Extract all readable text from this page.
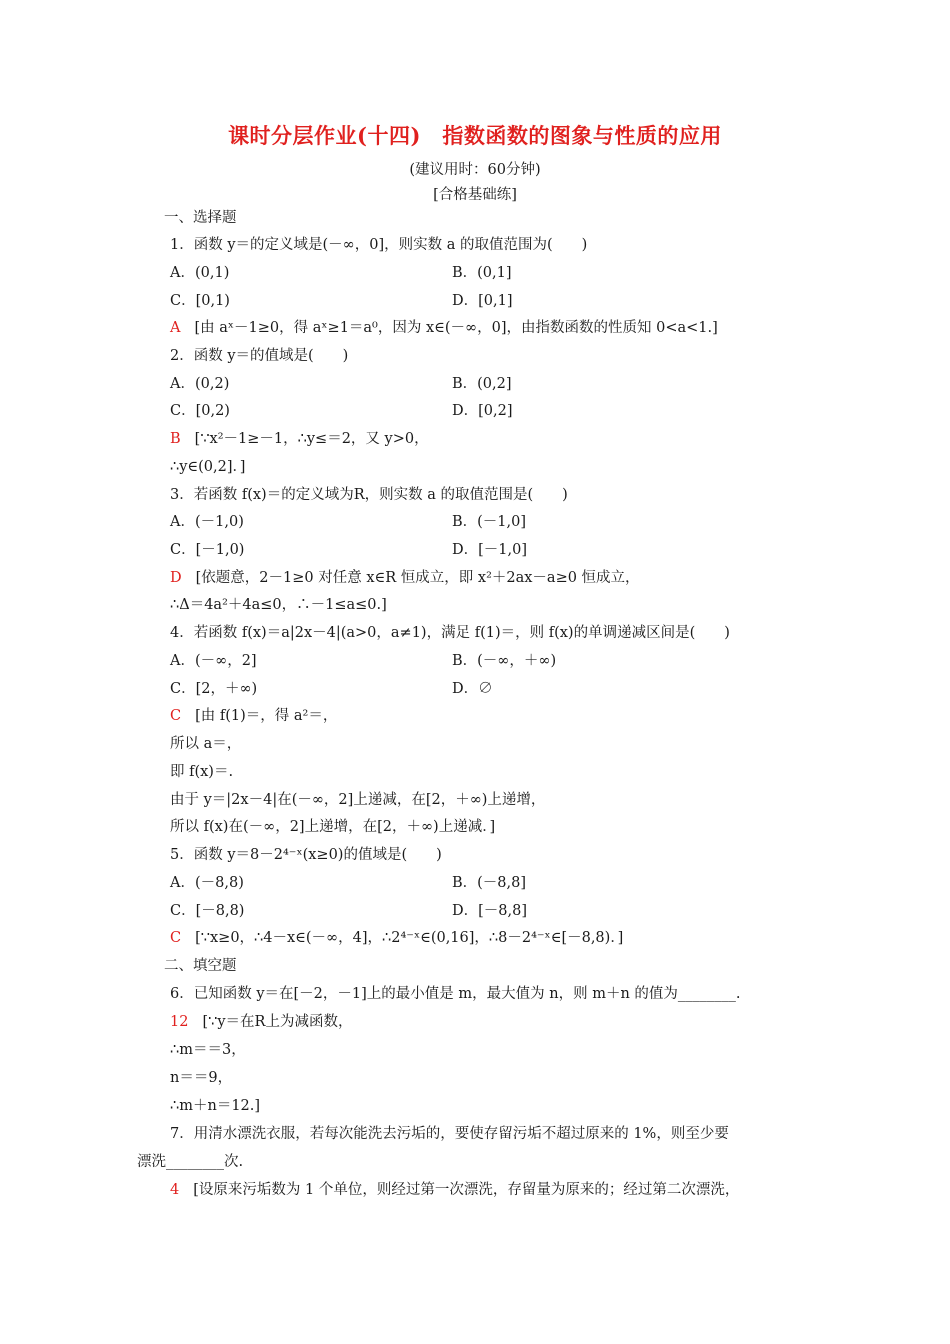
课时分层作业(十四)　指数函数的图象与性质的应用
(建议用时：60分钟)
[合格基础练]
一、选择题
1．函数 y＝的定义域是(－∞，0]，则实数 a 的取值范围为(　　)
A．(0,1)	B．(0,1]
C．[0,1)	D．[0,1]
A [由 aˣ－1≥0，得 aˣ≥1＝a⁰，因为 x∈(－∞，0]，由指数函数的性质知 0<a<1.]
2．函数 y＝的值域是(　　)
A．(0,2)	B．(0,2]
C．[0,2)	D．[0,2]
B [∵x²－1≥－1，∴y≤＝2，又 y>0，
∴y∈(0,2]．]
3．若函数 f(x)＝的定义域为R，则实数 a 的取值范围是(　　)
A．(－1,0)	B．(－1,0]
C．[－1,0)	D．[－1,0]
D [依题意，2－1≥0 对任意 x∈R 恒成立，即 x²＋2ax－a≥0 恒成立，
∴Δ＝4a²＋4a≤0，∴－1≤a≤0.]
4．若函数 f(x)＝a|2x－4|(a>0，a≠1)，满足 f(1)＝，则 f(x)的单调递减区间是(　　)
A．(－∞，2]	B．(－∞，＋∞)
C．[2，＋∞)	D．∅
C [由 f(1)＝，得 a²＝，
所以 a＝，
即 f(x)＝.
由于 y＝|2x－4|在(－∞，2]上递减，在[2，＋∞)上递增，
所以 f(x)在(－∞，2]上递增，在[2，＋∞)上递减．]
5．函数 y＝8－2⁴⁻ˣ(x≥0)的值域是(　　)
A．(－8,8)	B．(－8,8]
C．[－8,8)	D．[－8,8]
C [∵x≥0，∴4－x∈(－∞，4]，∴2⁴⁻ˣ∈(0,16]，∴8－2⁴⁻ˣ∈[－8,8)．]
二、填空题
6．已知函数 y＝在[－2，－1]上的最小值是 m，最大值为 n，则 m＋n 的值为________.
12 [∵y＝在R上为减函数，
∴m＝＝3，
n＝＝9，
∴m＋n＝12.]
7．用清水漂洗衣服，若每次能洗去污垢的，要使存留污垢不超过原来的 1%，则至少要
漂洗________次.
4 [设原来污垢数为 1 个单位，则经过第一次漂洗，存留量为原来的；经过第二次漂洗，
